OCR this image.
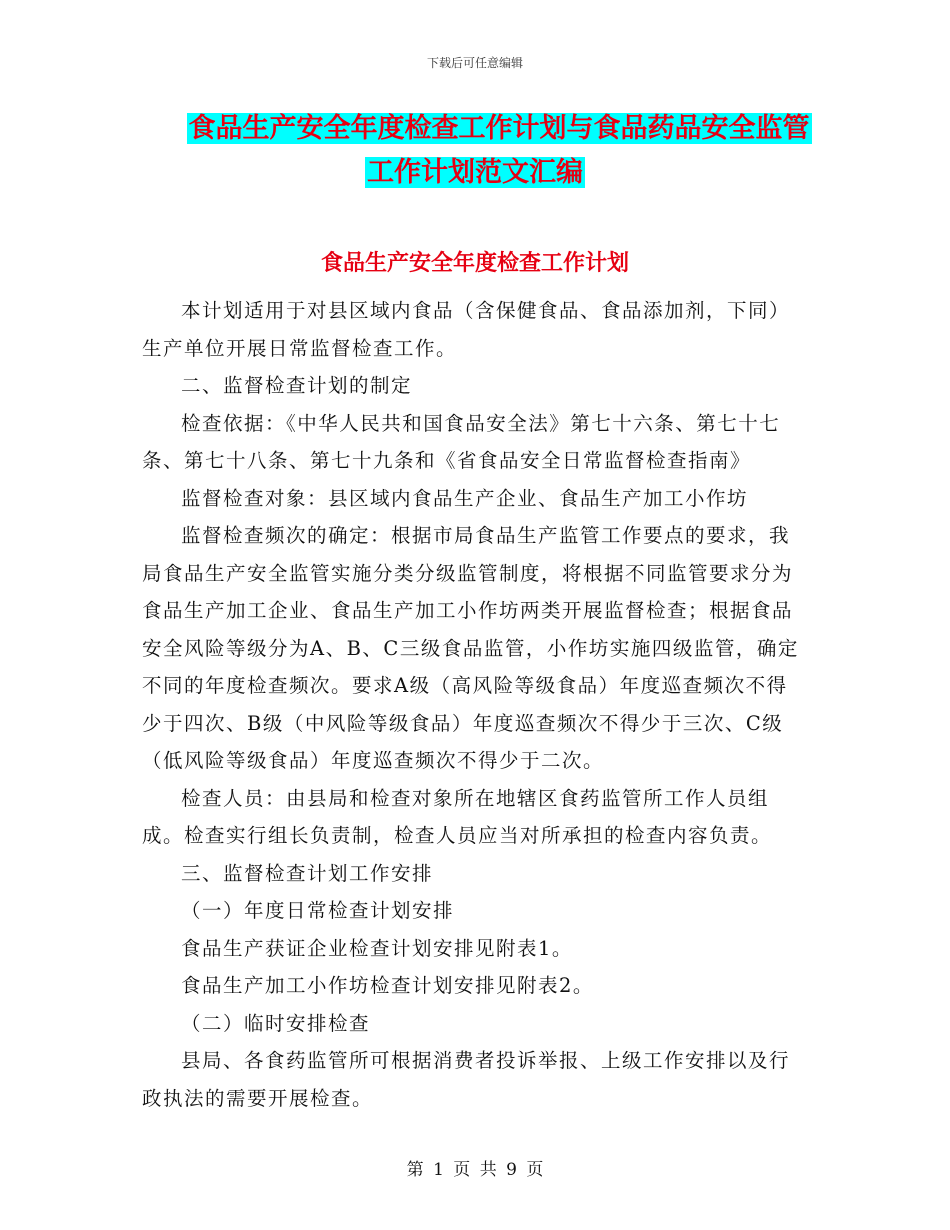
下载后可任意编辑
食品生产安全年度检查工作计划与食品药品安全监管
工作计划范文汇编
食品生产安全年度检查工作计划

本计划适用于对县区域内食品（含保健食品、食品添加剂，下同）生产单位开展日常监督检查工作。

二、监督检查计划的制定

检查依据：《中华人民共和国食品安全法》第七十六条、第七十七条、第七十八条、第七十九条和《省食品安全日常监督检查指南》

监督检查对象：县区域内食品生产企业、食品生产加工小作坊

监督检查频次的确定：根据市局食品生产监管工作要点的要求，我局食品生产安全监管实施分类分级监管制度，将根据不同监管要求分为食品生产加工企业、食品生产加工小作坊两类开展监督检查；根据食品安全风险等级分为A、B、C三级食品监管，小作坊实施四级监管，确定不同的年度检查频次。要求A级（高风险等级食品）年度巡查频次不得少于四次、B级（中风险等级食品）年度巡查频次不得少于三次、C级（低风险等级食品）年度巡查频次不得少于二次。

检查人员：由县局和检查对象所在地辖区食药监管所工作人员组成。检查实行组长负责制，检查人员应当对所承担的检查内容负责。

三、监督检查计划工作安排

（一）年度日常检查计划安排

食品生产获证企业检查计划安排见附表1。

食品生产加工小作坊检查计划安排见附表2。

（二）临时安排检查

县局、各食药监管所可根据消费者投诉举报、上级工作安排以及行政执法的需要开展检查。

第 1 页 共 9 页
